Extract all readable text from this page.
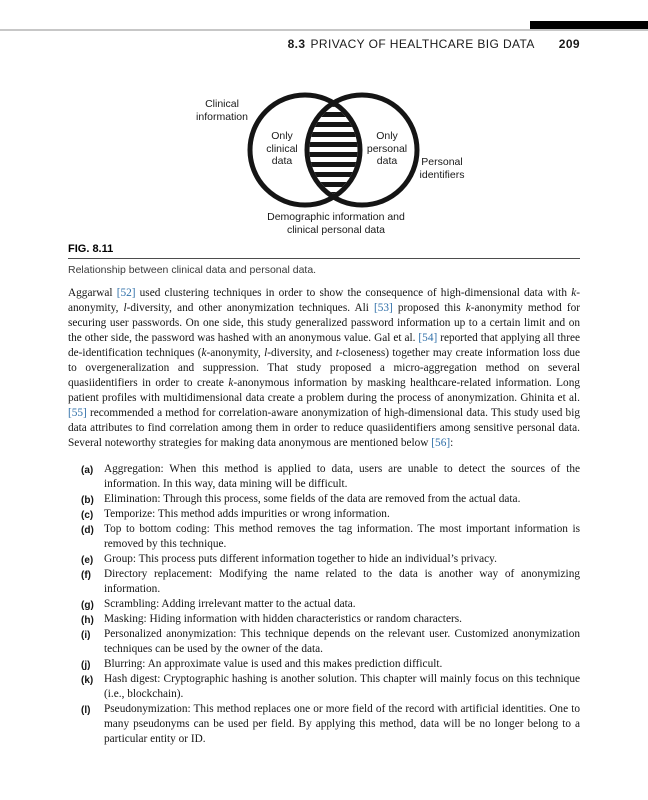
8.3 PRIVACY OF HEALTHCARE BIG DATA 209
Clinical information
Only clinical data
Only personal data	Personal identifiers
Demographic information and clinical personal data
FIG. 8.11
Relationship between clinical data and personal data.

Aggarwal [52] used clustering techniques in order to show the consequence of high-dimensional data with k-anonymity, l-diversity, and other anonymization techniques. Ali [53] proposed this k-anonymity method for securing user passwords. On one side, this study generalized password information up to a certain limit and on the other side, the password was hashed with an anonymous value. Gal et al. [54] reported that applying all three de-identification techniques (k-anonymity, l-diversity, and t-closeness) together may create information loss due to overgeneralization and suppression. That study proposed a micro-aggregation method on several quasiidentifiers in order to create k-anonymous information by masking healthcare-related information. Long patient profiles with multidimensional data create a problem during the process of anonymization. Ghinita et al. [55] recommended a method for correlation-aware anonymization of high-dimensional data. This study used big data attributes to find correlation among them in order to reduce quasiidentifiers among sensitive personal data. Several noteworthy strategies for making data anonymous are mentioned below [56]:

(a) Aggregation: When this method is applied to data, users are unable to detect the sources of the information. In this way, data mining will be difficult.
(b) Elimination: Through this process, some fields of the data are removed from the actual data.
(c) Temporize: This method adds impurities or wrong information.
(d) Top to bottom coding: This method removes the tag information. The most important information is removed by this technique.
(e) Group: This process puts different information together to hide an individual’s privacy.
(f) Directory replacement: Modifying the name related to the data is another way of anonymizing information.
(g) Scrambling: Adding irrelevant matter to the actual data.
(h) Masking: Hiding information with hidden characteristics or random characters.
(i) Personalized anonymization: This technique depends on the relevant user. Customized anonymization techniques can be used by the owner of the data.
(j) Blurring: An approximate value is used and this makes prediction difficult.
(k) Hash digest: Cryptographic hashing is another solution. This chapter will mainly focus on this technique (i.e., blockchain).
(l) Pseudonymization: This method replaces one or more field of the record with artificial identities. One to many pseudonyms can be used per field. By applying this method, data will be no longer belong to a particular entity or ID.
